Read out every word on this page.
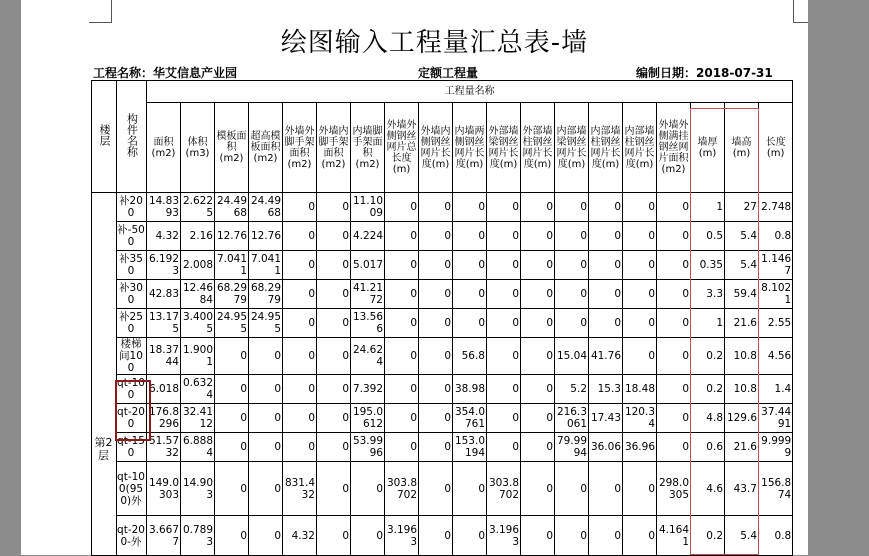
绘图输入工程量汇总表-墙
工程名称：华艾信息产业园	定额工程量	编制日期：2018-07-31
楼层	构件名称	工程量名称																		
		面积(m2)	体积(m3)	模板面积(m2)	超高模板面积(m2)	外墙外脚手架面积(m2)	外墙内脚手架面积(m2)	内墙脚手架面积(m2)	外墙外侧钢丝网片总长度(m)	外墙内侧钢丝网片长度(m)	内墙两侧钢丝网片长度(m)	外部墙梁钢丝网片长度(m)	外部墙柱钢丝网片长度(m)	内部墙梁钢丝网片长度(m)	内部墙柱钢丝网片长度(m)	内部墙柱钢丝网片长度(m)	外墙外侧满挂钢丝网片面积(m2)	墙厚(m)	墙高(m)	长度(m)
第2层	补200	14.8393	2.6225	24.4968	24.4968	0	0	11.1009	0	0	0	0	0	0	0	0	0	1	27	2.748
	补-500	4.32	2.16	12.76	12.76	0	0	4.224	0	0	0	0	0	0	0	0	0	0.5	5.4	0.8
	补350	6.1923	2.008	7.0411	7.0411	0	0	5.017	0	0	0	0	0	0	0	0	0	0.35	5.4	1.1467
	补300	42.83	12.4684	68.2979	68.2979	0	0	41.2172	0	0	0	0	0	0	0	0	0	3.3	59.4	8.1021
	补250	13.175	3.4005	24.955	24.955	0	0	13.566	0	0	0	0	0	0	0	0	0	1	21.6	2.55
	楼梯间100	18.3744	1.9001	0	0	0	0	24.624	0	0	56.8	0	0	15.04	41.76	0	0	0.2	10.8	4.56
	qt-100	6.018	0.6324	0	0	0	0	7.392	0	0	38.98	0	0	5.2	15.3	18.48	0	0.2	10.8	1.4
	qt-200	176.8296	32.4112	0	0	0	0	195.0612	0	0	354.0761	0	0	216.3061	17.43	120.34	0	4.8	129.6	37.4491
	qt-150	51.5732	6.8884	0	0	0	0	53.9996	0	0	153.0194	0	0	79.9994	36.06	36.96	0	0.6	21.6	9.9999
	qt-100(950)外	149.0303	14.903	0	0	831.432	0	0	303.8702	0	0	303.8702	0	0	0	0	298.0305	4.6	43.7	156.874
	qt-200-外	3.6677	0.7893	0	0	4.32	0	0	3.1963	0	0	3.1963	0	0	0	0	4.1641	0.2	5.4	0.8
